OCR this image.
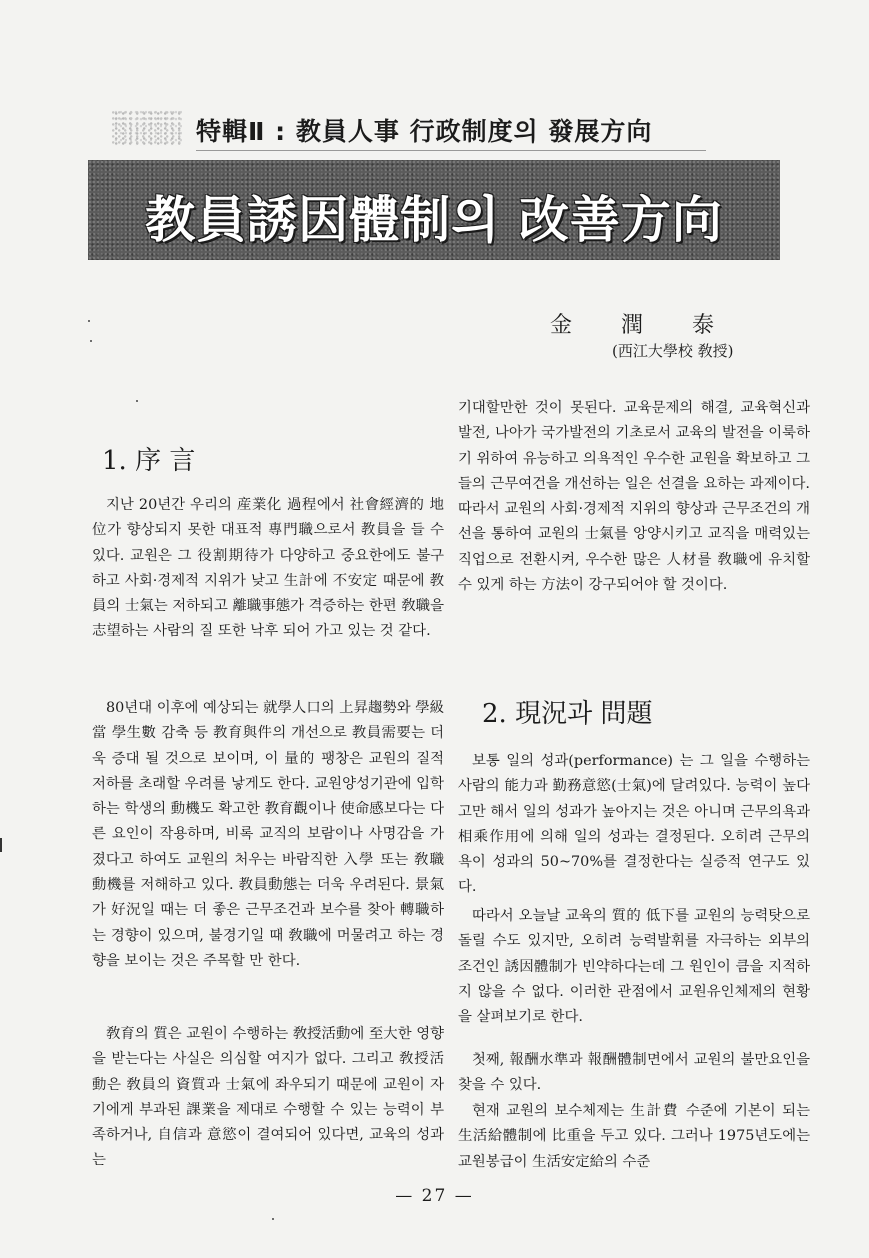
特輯Ⅱ : 教員人事 行政制度의 發展方向
教員誘因體制의 改善方向
金 潤 泰
(西江大學校 敎授)
1. 序 言

지난 20년간 우리의 産業化 過程에서 社會經濟的 地位가 향상되지 못한 대표적 專門職으로서 教員을 들 수 있다. 교원은 그 役割期待가 다양하고 중요한에도 불구하고 사회·경제적 지위가 낮고 生計에 不安定 때문에 教員의 士氣는 저하되고 離職事態가 격증하는 한편 敎職을 志望하는 사람의 질 또한 낙후 되어 가고 있는 것 같다.

80년대 이후에 예상되는 就學人口의 上昇趨勢와 學級當 學生數 감축 등 教育與件의 개선으로 教員需要는 더욱 증대 될 것으로 보이며, 이 量的 팽창은 교원의 질적 저하를 초래할 우려를 낳게도 한다. 교원양성기관에 입학하는 학생의 動機도 확고한 教育觀이나 使命感보다는 다른 요인이 작용하며, 비록 교직의 보람이나 사명감을 가졌다고 하여도 교원의 처우는 바람직한 入學 또는 敎職動機를 저해하고 있다. 教員動態는 더욱 우려된다. 景氣가 好況일 때는 더 좋은 근무조건과 보수를 찾아 轉職하는 경향이 있으며, 불경기일 때 敎職에 머물려고 하는 경향을 보이는 것은 주목할 만 한다.

敎育의 質은 교원이 수행하는 敎授活動에 至大한 영향을 받는다는 사실은 의심할 여지가 없다. 그리고 敎授活動은 敎員의 資質과 士氣에 좌우되기 때문에 교원이 자기에게 부과된 課業을 제대로 수행할 수 있는 능력이 부족하거나, 自信과 意慾이 결여되어 있다면, 교육의 성과는

기대할만한 것이 못된다. 교육문제의 해결, 교육혁신과 발전, 나아가 국가발전의 기초로서 교육의 발전을 이룩하기 위하여 유능하고 의욕적인 우수한 교원을 확보하고 그들의 근무여건을 개선하는 일은 선결을 요하는 과제이다. 따라서 교원의 사회·경제적 지위의 향상과 근무조건의 개선을 통하여 교원의 士氣를 앙양시키고 교직을 매력있는 직업으로 전환시켜, 우수한 많은 人材를 敎職에 유치할 수 있게 하는 方法이 강구되어야 할 것이다.

2. 現況과 問題

보통 일의 성과(performance) 는 그 일을 수행하는 사람의 能力과 勤務意慾(士氣)에 달려있다. 능력이 높다고만 해서 일의 성과가 높아지는 것은 아니며 근무의욕과 相乘作用에 의해 일의 성과는 결정된다. 오히려 근무의욕이 성과의 50~70%를 결정한다는 실증적 연구도 있다.

따라서 오늘날 교육의 質的 低下를 교원의 능력탓으로 돌릴 수도 있지만, 오히려 능력발휘를 자극하는 외부의 조건인 誘因體制가 빈약하다는데 그 원인이 큼을 지적하지 않을 수 없다. 이러한 관점에서 교원유인체제의 현황을 살펴보기로 한다.

첫째, 報酬水準과 報酬體制면에서 교원의 불만요인을 찾을 수 있다.

현재 교원의 보수체제는 生計費 수준에 기본이 되는 生活給體制에 比重을 두고 있다. 그러나 1975년도에는 교원봉급이 生活安定給의 수준

— 27 —
